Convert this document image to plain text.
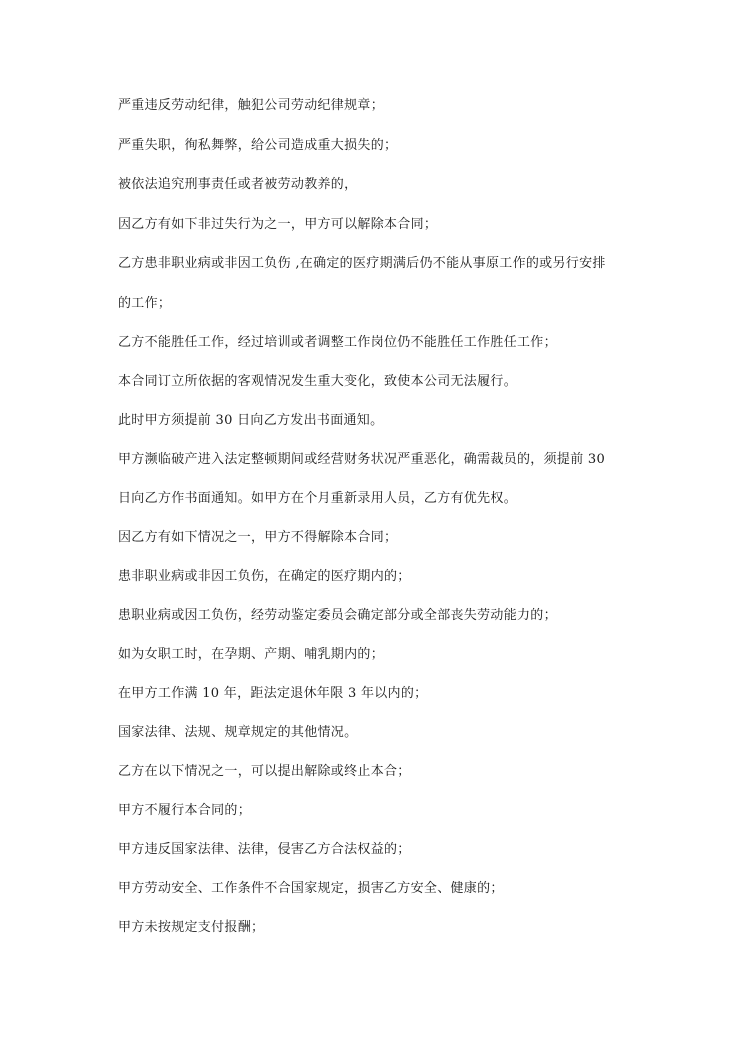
严重违反劳动纪律，触犯公司劳动纪律规章；
严重失职，徇私舞弊，给公司造成重大损失的；
被依法追究刑事责任或者被劳动教养的，
因乙方有如下非过失行为之一，甲方可以解除本合同；
乙方患非职业病或非因工负伤 ,在确定的医疗期满后仍不能从事原工作的或另行安排
的工作；
乙方不能胜任工作，经过培训或者调整工作岗位仍不能胜任工作胜任工作；
本合同订立所依据的客观情况发生重大变化，致使本公司无法履行。
此时甲方须提前 30 日向乙方发出书面通知。
甲方濒临破产进入法定整顿期间或经营财务状况严重恶化，确需裁员的，须提前 30
日向乙方作书面通知。如甲方在个月重新录用人员，乙方有优先权。
因乙方有如下情况之一，甲方不得解除本合同；
患非职业病或非因工负伤，在确定的医疗期内的；
患职业病或因工负伤，经劳动鉴定委员会确定部分或全部丧失劳动能力的；
如为女职工时，在孕期、产期、哺乳期内的；
在甲方工作满 10 年，距法定退休年限 3 年以内的；
国家法律、法规、规章规定的其他情况。
乙方在以下情况之一，可以提出解除或终止本合；
甲方不履行本合同的；
甲方违反国家法律、法律，侵害乙方合法权益的；
甲方劳动安全、工作条件不合国家规定，损害乙方安全、健康的；
甲方未按规定支付报酬；
